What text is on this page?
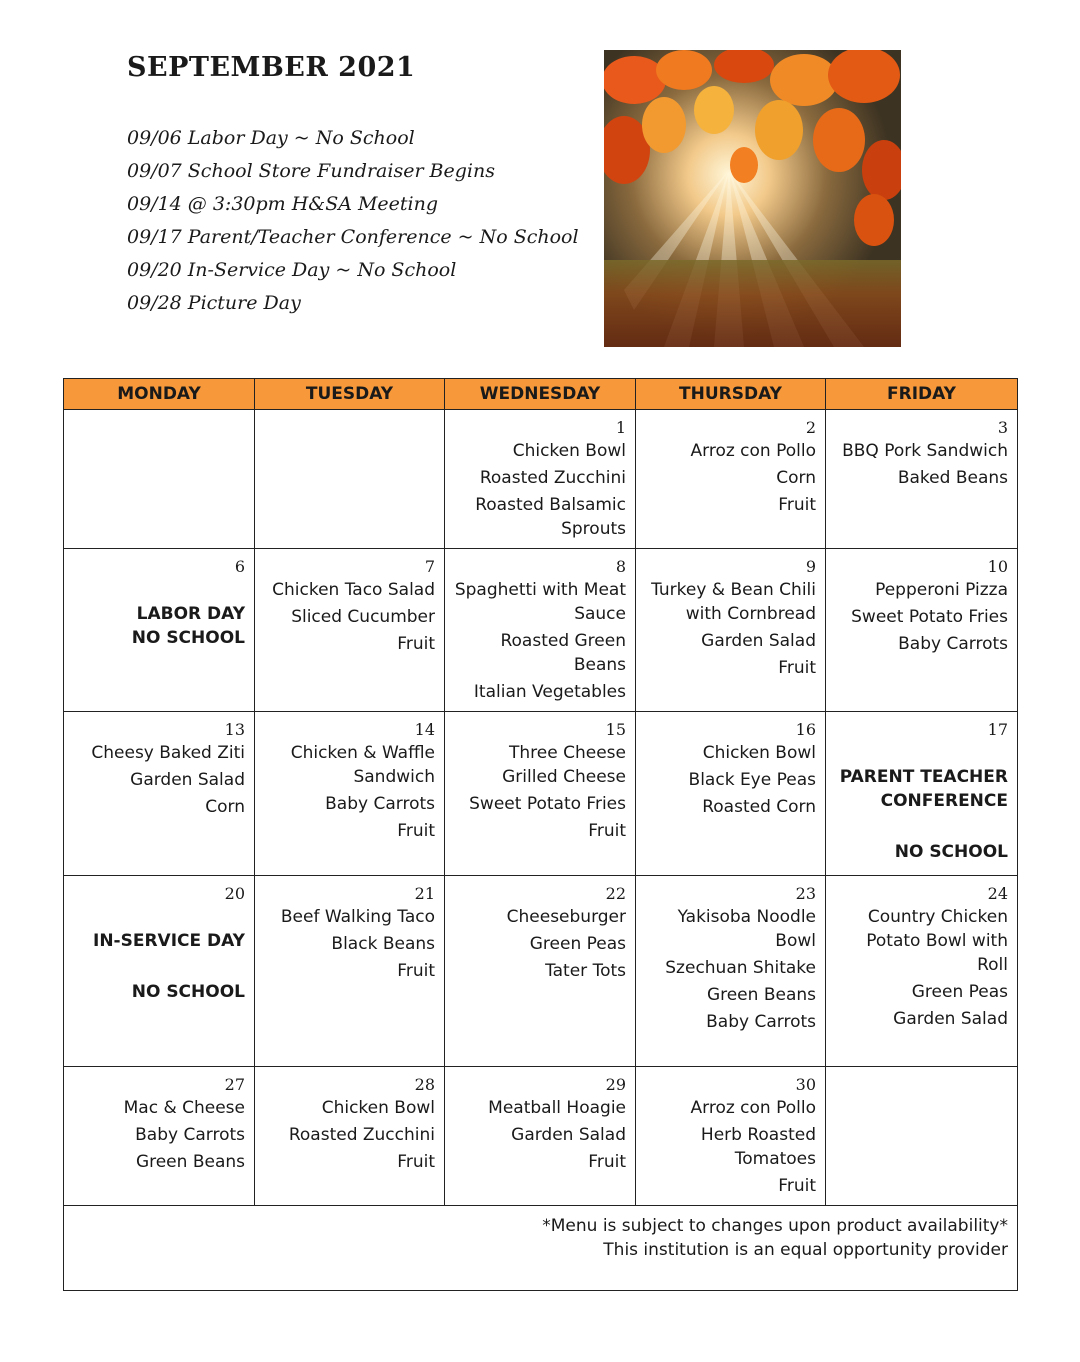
SEPTEMBER 2021
09/06 Labor Day ~ No School
09/07 School Store Fundraiser Begins
09/14 @ 3:30pm H&SA Meeting
09/17 Parent/Teacher Conference ~ No School
09/20 In-Service Day ~ No School
09/28 Picture Day
MONDAY	TUESDAY	WEDNESDAY	THURSDAY	FRIDAY

		1
Chicken Bowl
Roasted Zucchini
Roasted Balsamic Sprouts	2
Arroz con Pollo
Corn
Fruit	3
BBQ Pork Sandwich
Baked Beans

6
LABOR DAY
NO SCHOOL	7
Chicken Taco Salad
Sliced Cucumber
Fruit	8
Spaghetti with Meat Sauce
Roasted Green Beans
Italian Vegetables	9
Turkey & Bean Chili with Cornbread
Garden Salad
Fruit	10
Pepperoni Pizza
Sweet Potato Fries
Baby Carrots

13
Cheesy Baked Ziti
Garden Salad
Corn	14
Chicken & Waffle Sandwich
Baby Carrots
Fruit	15
Three Cheese Grilled Cheese
Sweet Potato Fries
Fruit	16
Chicken Bowl
Black Eye Peas
Roasted Corn	17
PARENT TEACHER CONFERENCE
NO SCHOOL

20
IN-SERVICE DAY
NO SCHOOL	21
Beef Walking Taco
Black Beans
Fruit	22
Cheeseburger
Green Peas
Tater Tots	23
Yakisoba Noodle Bowl
Szechuan Shitake
Green Beans
Baby Carrots	24
Country Chicken Potato Bowl with Roll
Green Peas
Garden Salad

27
Mac & Cheese
Baby Carrots
Green Beans	28
Chicken Bowl
Roasted Zucchini
Fruit	29
Meatball Hoagie
Garden Salad
Fruit	30
Arroz con Pollo
Herb Roasted Tomatoes
Fruit	

*Menu is subject to changes upon product availability*
This institution is an equal opportunity provider				
